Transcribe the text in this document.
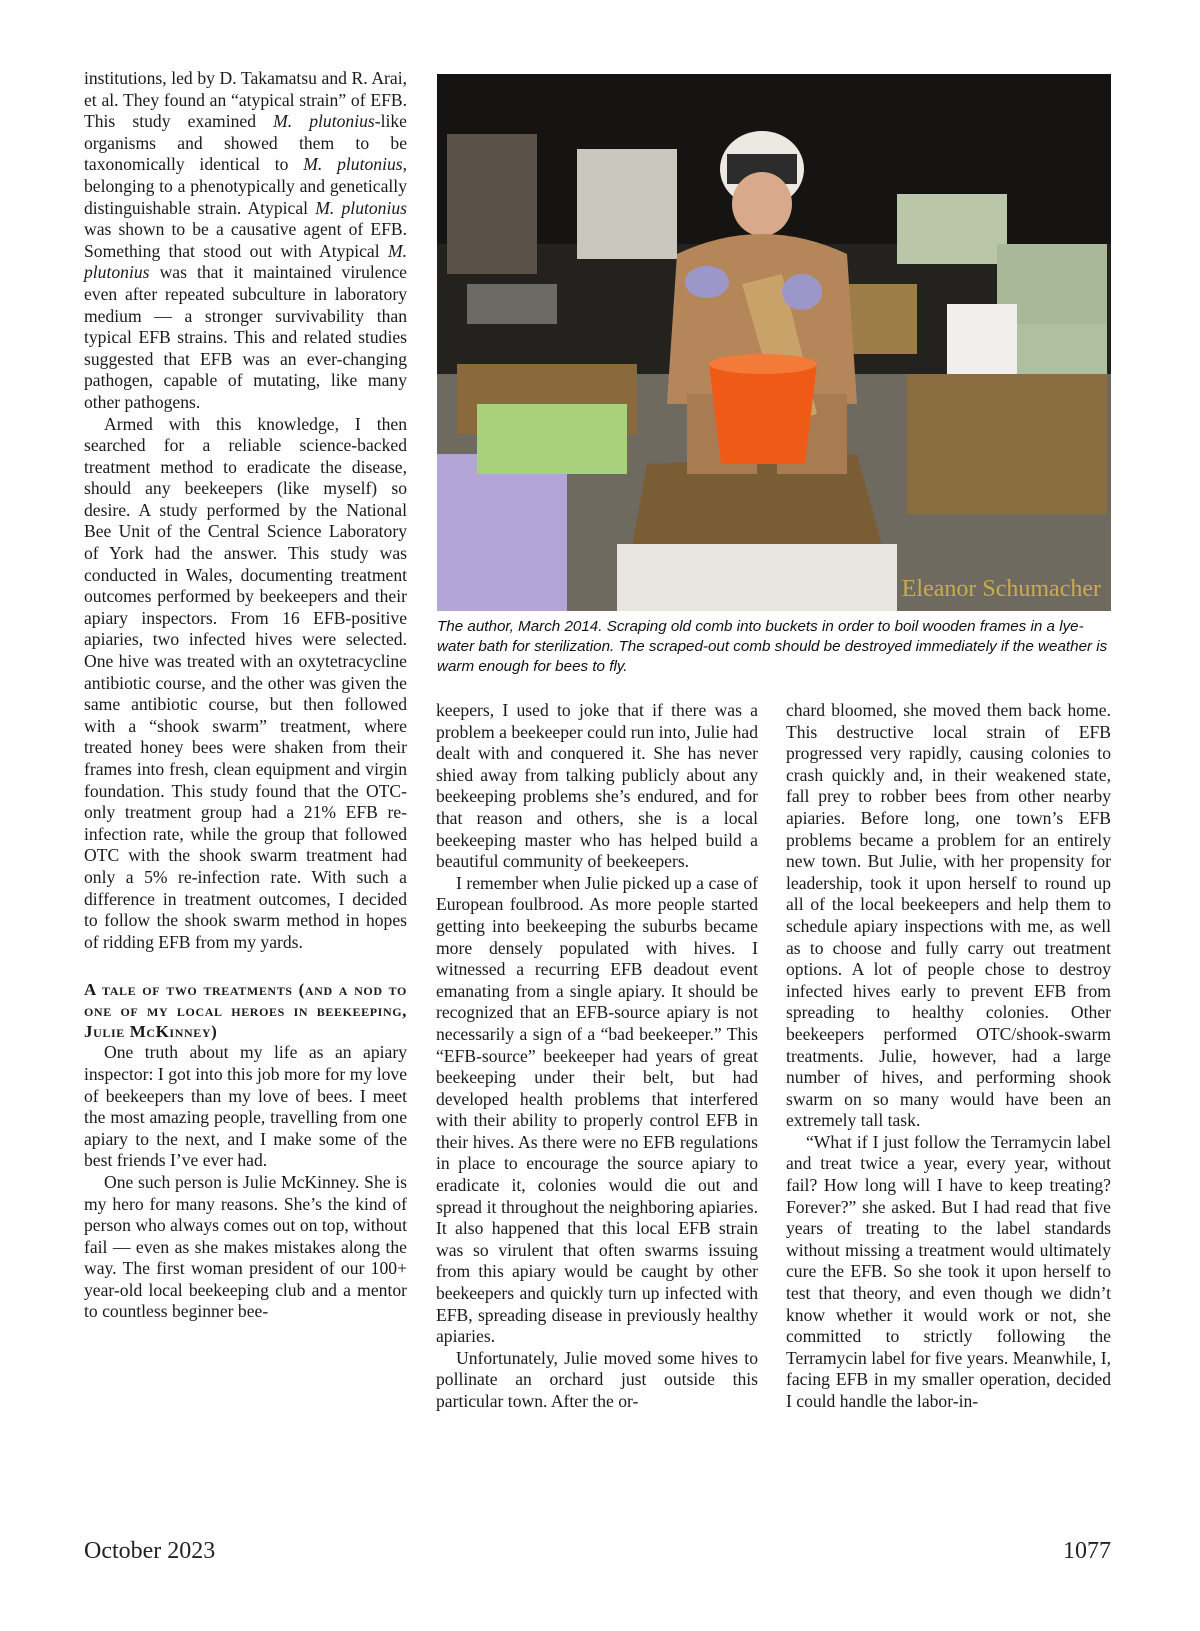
institutions, led by D. Takamatsu and R. Arai, et al. They found an “atypical strain” of EFB. This study examined M. plutonius-like organisms and showed them to be taxonomically identical to M. plutonius, belonging to a phenotypically and genetically distinguishable strain. Atypical M. plutonius was shown to be a causative agent of EFB. Something that stood out with Atypical M. plutonius was that it maintained virulence even after repeated subculture in laboratory medium — a stronger survivability than typical EFB strains. This and related studies suggested that EFB was an ever-changing pathogen, capable of mutating, like many other pathogens.

Armed with this knowledge, I then searched for a reliable science-backed treatment method to eradicate the disease, should any beekeepers (like myself) so desire. A study performed by the National Bee Unit of the Central Science Laboratory of York had the answer. This study was conducted in Wales, documenting treatment outcomes performed by beekeepers and their apiary inspectors. From 16 EFB-positive apiaries, two infected hives were selected. One hive was treated with an oxytetracycline antibiotic course, and the other was given the same antibiotic course, but then followed with a “shook swarm” treatment, where treated honey bees were shaken from their frames into fresh, clean equipment and virgin foundation. This study found that the OTC-only treatment group had a 21% EFB re-infection rate, while the group that followed OTC with the shook swarm treatment had only a 5% re-infection rate. With such a difference in treatment outcomes, I decided to follow the shook swarm method in hopes of ridding EFB from my yards.

A tale of two treatments (and a nod to one of my local heroes in beekeeping, Julie McKinney)

One truth about my life as an apiary inspector: I got into this job more for my love of beekeepers than my love of bees. I meet the most amazing people, travelling from one apiary to the next, and I make some of the best friends I’ve ever had.

One such person is Julie McKinney. She is my hero for many reasons. She’s the kind of person who always comes out on top, without fail — even as she makes mistakes along the way. The first woman president of our 100+ year-old local beekeeping club and a mentor to countless beginner bee-

Eleanor Schumacher
The author, March 2014. Scraping old comb into buckets in order to boil wooden frames in a lye-water bath for sterilization. The scraped-out comb should be destroyed immediately if the weather is warm enough for bees to fly.

keepers, I used to joke that if there was a problem a beekeeper could run into, Julie had dealt with and conquered it. She has never shied away from talking publicly about any beekeeping problems she’s endured, and for that reason and others, she is a local beekeeping master who has helped build a beautiful community of beekeepers.

I remember when Julie picked up a case of European foulbrood. As more people started getting into beekeeping the suburbs became more densely populated with hives. I witnessed a recurring EFB deadout event emanating from a single apiary. It should be recognized that an EFB-source apiary is not necessarily a sign of a “bad beekeeper.” This “EFB-source” beekeeper had years of great beekeeping under their belt, but had developed health problems that interfered with their ability to properly control EFB in their hives. As there were no EFB regulations in place to encourage the source apiary to eradicate it, colonies would die out and spread it throughout the neighboring apiaries. It also happened that this local EFB strain was so virulent that often swarms issuing from this apiary would be caught by other beekeepers and quickly turn up infected with EFB, spreading disease in previously healthy apiaries.

Unfortunately, Julie moved some hives to pollinate an orchard just outside this particular town. After the or-

chard bloomed, she moved them back home. This destructive local strain of EFB progressed very rapidly, causing colonies to crash quickly and, in their weakened state, fall prey to robber bees from other nearby apiaries. Before long, one town’s EFB problems became a problem for an entirely new town. But Julie, with her propensity for leadership, took it upon herself to round up all of the local beekeepers and help them to schedule apiary inspections with me, as well as to choose and fully carry out treatment options. A lot of people chose to destroy infected hives early to prevent EFB from spreading to healthy colonies. Other beekeepers performed OTC/shook-swarm treatments. Julie, however, had a large number of hives, and performing shook swarm on so many would have been an extremely tall task.

“What if I just follow the Terramycin label and treat twice a year, every year, without fail? How long will I have to keep treating? Forever?” she asked. But I had read that five years of treating to the label standards without missing a treatment would ultimately cure the EFB. So she took it upon herself to test that theory, and even though we didn’t know whether it would work or not, she committed to strictly following the Terramycin label for five years. Meanwhile, I, facing EFB in my smaller operation, decided I could handle the labor-in-

October 2023	1077
